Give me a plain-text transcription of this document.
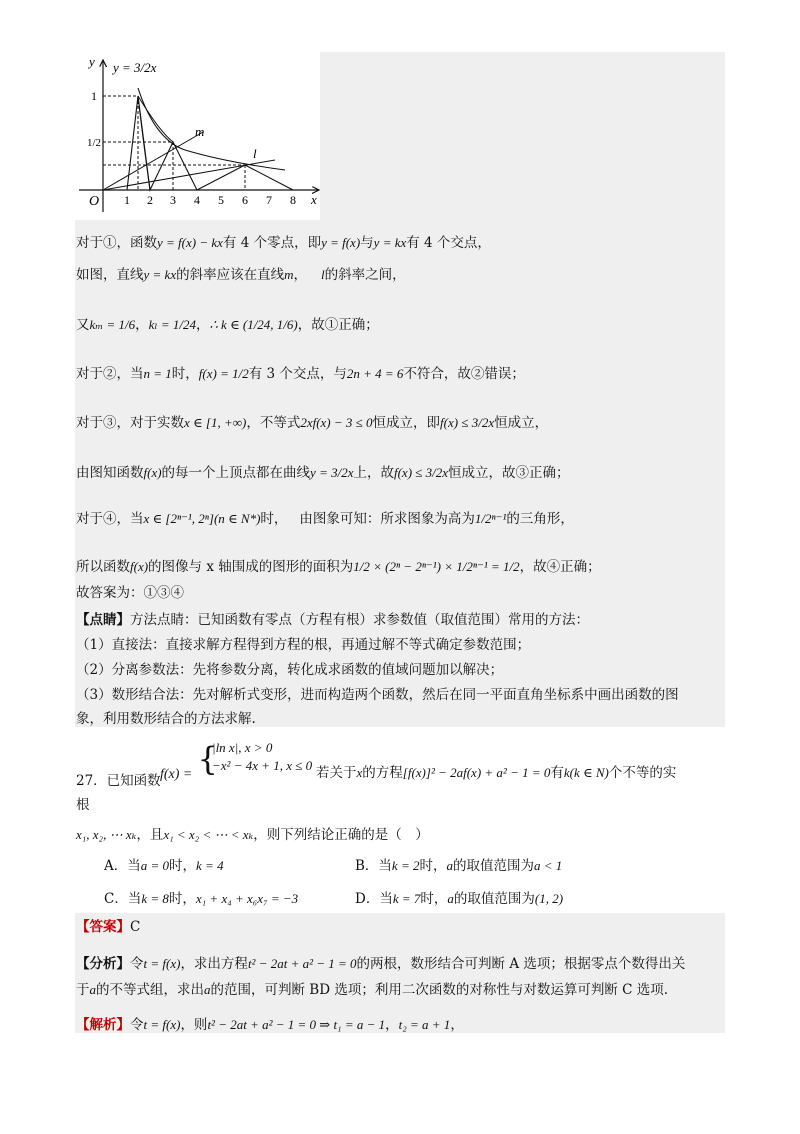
y = 3/2x
y
x
O
1
1/2
m
l
1 2 3 4 5 6 7 8
对于①，函数y = f(x) − kx有 4 个零点，即y = f(x)与y = kx有 4 个交点，
如图，直线y = kx的斜率应该在直线m， l的斜率之间，
又kₘ = 1/6，kₗ = 1/24，∴ k ∈ (1/24, 1/6)，故①正确；
对于②，当n = 1时，f(x) = 1/2有 3 个交点，与2n + 4 = 6不符合，故②错误；
对于③，对于实数x ∈ [1, +∞)，不等式2xf(x) − 3 ≤ 0恒成立，即f(x) ≤ 3/2x恒成立，
由图知函数f(x)的每一个上顶点都在曲线y = 3/2x上，故f(x) ≤ 3/2x恒成立，故③正确；
对于④，当x ∈ [2ⁿ⁻¹, 2ⁿ](n ∈ N*)时， 由图象可知：所求图象为高为1/2ⁿ⁻¹的三角形，
所以函数f(x)的图像与 x 轴围成的图形的面积为1/2 × (2ⁿ − 2ⁿ⁻¹) × 1/2ⁿ⁻¹ = 1/2，故④正确；
故答案为：①③④
【点睛】方法点睛：已知函数有零点（方程有根）求参数值（取值范围）常用的方法：
（1）直接法：直接求解方程得到方程的根，再通过解不等式确定参数范围；
（2）分离参数法：先将参数分离，转化成求函数的值域问题加以解决；
（3）数形结合法：先对解析式变形，进而构造两个函数，然后在同一平面直角坐标系中画出函数的图
象，利用数形结合的方法求解.
f(x) = {
|ln x|, x > 0
−x² − 4x + 1, x ≤ 0
27．已知函数	若关于x的方程[f(x)]² − 2af(x) + a² − 1 = 0有k(k ∈ N)个不等的实
根
x₁, x₂, ⋯ xₖ，且x₁ < x₂ < ⋯ < xₖ，则下列结论正确的是（　）
A．当a = 0时，k = 4	B．当k = 2时，a的取值范围为a < 1
C．当k = 8时，x₁ + x₄ + x₆x₇ = −3	D．当k = 7时，a的取值范围为(1, 2)
【答案】C
【分析】令t = f(x)，求出方程t² − 2at + a² − 1 = 0的两根，数形结合可判断 A 选项；根据零点个数得出关
于a的不等式组，求出a的范围，可判断 BD 选项；利用二次函数的对称性与对数运算可判断 C 选项.
【解析】令t = f(x)，则t² − 2at + a² − 1 = 0 ⇒ t₁ = a − 1，t₂ = a + 1，
